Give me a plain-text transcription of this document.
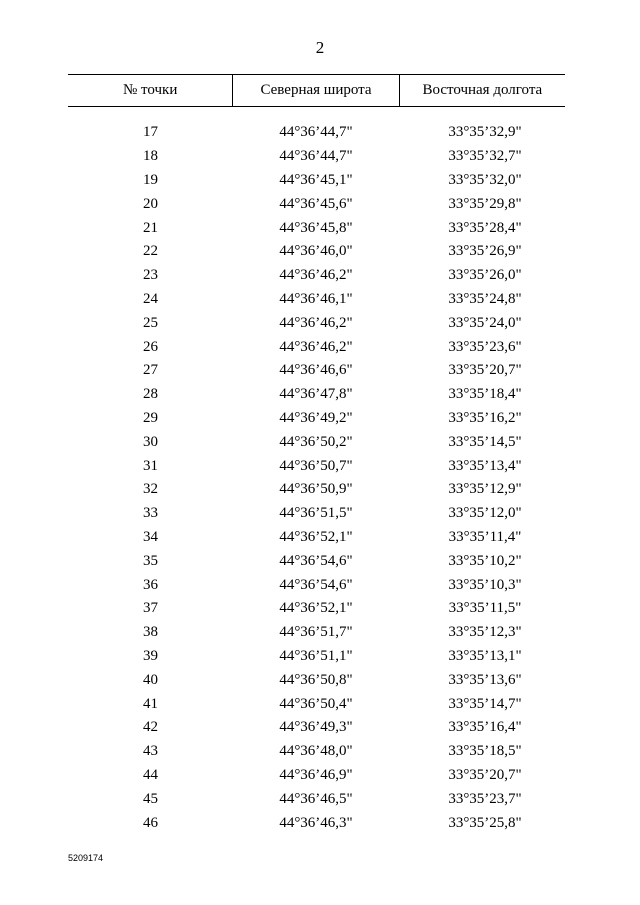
2
№ точки	Северная широта	Восточная долгота
17	44°36’44,7"	33°35’32,9"
18	44°36’44,7"	33°35’32,7"
19	44°36’45,1"	33°35’32,0"
20	44°36’45,6"	33°35’29,8"
21	44°36’45,8"	33°35’28,4"
22	44°36’46,0"	33°35’26,9"
23	44°36’46,2"	33°35’26,0"
24	44°36’46,1"	33°35’24,8"
25	44°36’46,2"	33°35’24,0"
26	44°36’46,2"	33°35’23,6"
27	44°36’46,6"	33°35’20,7"
28	44°36’47,8"	33°35’18,4"
29	44°36’49,2"	33°35’16,2"
30	44°36’50,2"	33°35’14,5"
31	44°36’50,7"	33°35’13,4"
32	44°36’50,9"	33°35’12,9"
33	44°36’51,5"	33°35’12,0"
34	44°36’52,1"	33°35’11,4"
35	44°36’54,6"	33°35’10,2"
36	44°36’54,6"	33°35’10,3"
37	44°36’52,1"	33°35’11,5"
38	44°36’51,7"	33°35’12,3"
39	44°36’51,1"	33°35’13,1"
40	44°36’50,8"	33°35’13,6"
41	44°36’50,4"	33°35’14,7"
42	44°36’49,3"	33°35’16,4"
43	44°36’48,0"	33°35’18,5"
44	44°36’46,9"	33°35’20,7"
45	44°36’46,5"	33°35’23,7"
46	44°36’46,3"	33°35’25,8"
5209174
